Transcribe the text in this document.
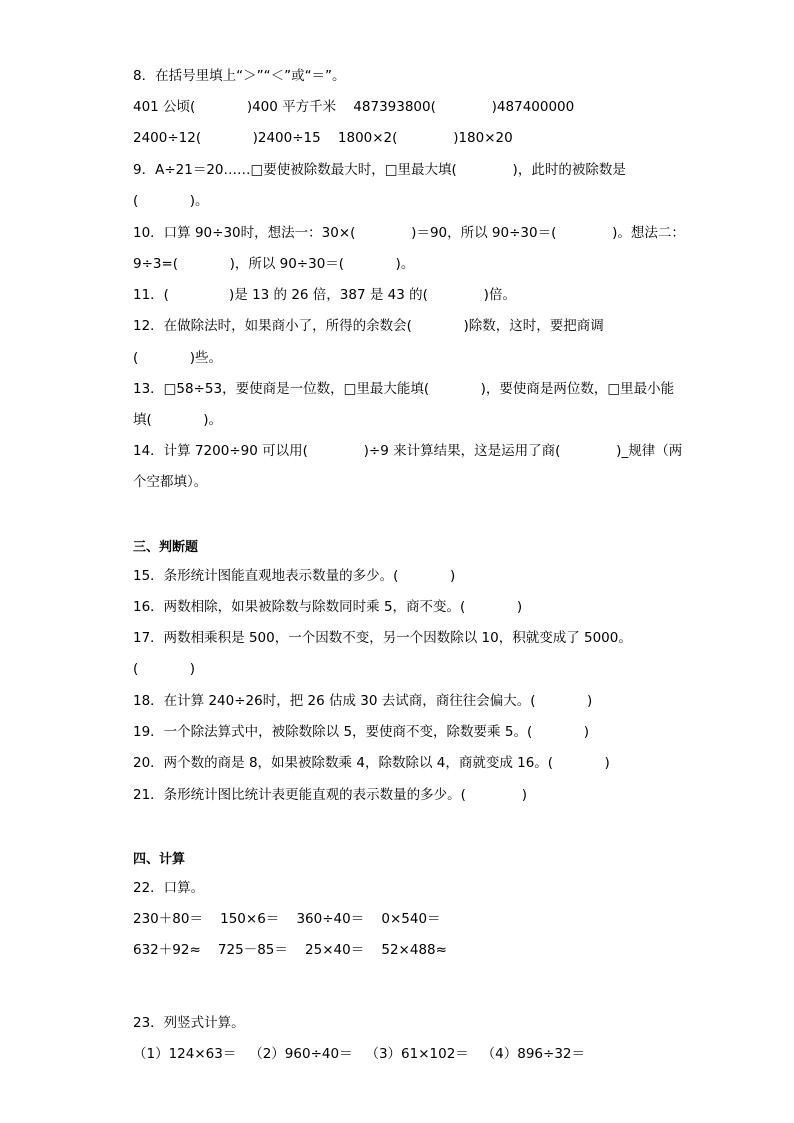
8．在括号里填上“＞”“＜”或“＝”。
401 公顷(            )400 平方千米    487393800(             )487400000
2400÷12(            )2400÷15    1800×2(             )180×20
9．A÷21＝20……□要使被除数最大时，□里最大填(             )，此时的被除数是
(            )。
10．口算 90÷30时，想法一：30×(             )＝90，所以 90÷30＝(             )。想法二：
9÷3=(            )，所以 90÷30＝(            )。
11．(              )是 13 的 26 倍，387 是 43 的(             )倍。
12．在做除法时，如果商小了，所得的余数会(            )除数，这时，要把商调
(            )些。
13．□58÷53，要使商是一位数，□里最大能填(            )，要使商是两位数，□里最小能
填(            )。
14．计算 7200÷90 可以用(             )÷9 来计算结果，这是运用了商(             )_规律（两
个空都填）。
三、判断题
15．条形统计图能直观地表示数量的多少。(            )
16．两数相除，如果被除数与除数同时乘 5，商不变。(            )
17．两数相乘积是 500，一个因数不变，另一个因数除以 10，积就变成了 5000。
(            )
18．在计算 240÷26时，把 26 估成 30 去试商，商往往会偏大。(            )
19．一个除法算式中，被除数除以 5，要使商不变，除数要乘 5。(            )
20．两个数的商是 8，如果被除数乘 4，除数除以 4，商就变成 16。(            )
21．条形统计图比统计表更能直观的表示数量的多少。(             )
四、计算
22．口算。
230＋80＝    150×6＝    360÷40＝    0×540＝
632＋92≈    725－85＝    25×40＝    52×488≈
23．列竖式计算。
（1）124×63＝   （2）960÷40＝   （3）61×102＝   （4）896÷32＝
